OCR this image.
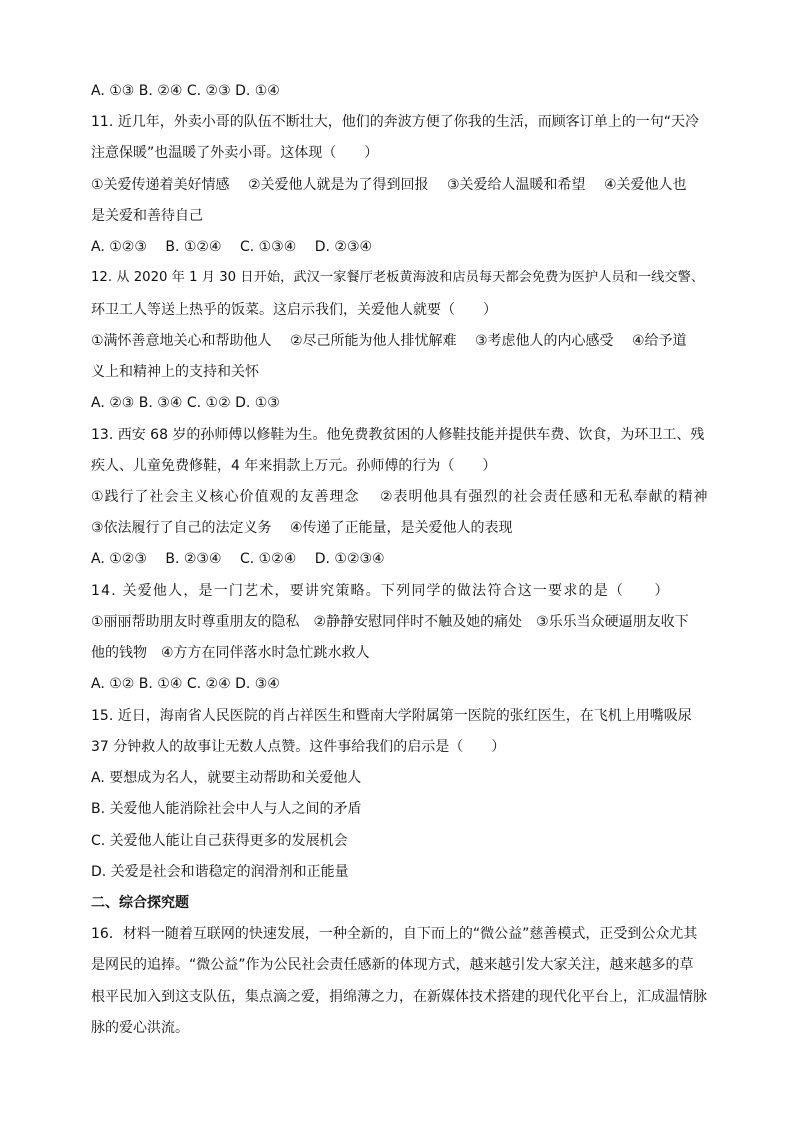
A. ①③ B. ②④ C. ②③ D. ①④
11. 近几年，外卖小哥的队伍不断壮大，他们的奔波方便了你我的生活，而顾客订单上的一句“天冷
注意保暖”也温暖了外卖小哥。这体现（　　）
①关爱传递着美好情感　 ②关爱他人就是为了得到回报　 ③关爱给人温暖和希望　 ④关爱他人也
是关爱和善待自己
A. ①②③　 B. ①②④　 C. ①③④　 D. ②③④
12. 从 2020 年 1 月 30 日开始，武汉一家餐厅老板黄海波和店员每天都会免费为医护人员和一线交警、
环卫工人等送上热乎的饭菜。这启示我们，关爱他人就要（　　）
①满怀善意地关心和帮助他人　 ②尽己所能为他人排忧解难　 ③考虑他人的内心感受　 ④给予道
义上和精神上的支持和关怀
A. ②③ B. ③④ C. ①② D. ①③
13. 西安 68 岁的孙师傅以修鞋为生。他免费教贫困的人修鞋技能并提供车费、饮食，为环卫工、残
疾人、儿童免费修鞋，4 年来捐款上万元。孙师傅的行为（　　）
①践行了社会主义核心价值观的友善理念　 ②表明他具有强烈的社会责任感和无私奉献的精神
③依法履行了自己的法定义务　 ④传递了正能量，是关爱他人的表现
A. ①②③　 B. ②③④　 C. ①②④　 D. ①②③④
14. 关爱他人，是一门艺术，要讲究策略。下列同学的做法符合这一要求的是（　　）
①丽丽帮助朋友时尊重朋友的隐私　②静静安慰同伴时不触及她的痛处　③乐乐当众硬逼朋友收下
他的钱物　④方方在同伴落水时急忙跳水救人
A. ①② B. ①④ C. ②④ D. ③④
15. 近日，海南省人民医院的肖占祥医生和暨南大学附属第一医院的张红医生，在飞机上用嘴吸尿
37 分钟救人的故事让无数人点赞。这件事给我们的启示是（　　）
A. 要想成为名人，就要主动帮助和关爱他人
B. 关爱他人能消除社会中人与人之间的矛盾
C. 关爱他人能让自己获得更多的发展机会
D. 关爱是社会和谐稳定的润滑剂和正能量
二、综合探究题
16．材料一随着互联网的快速发展，一种全新的，自下而上的“微公益”慈善模式，正受到公众尤其
是网民的追捧。“微公益”作为公民社会责任感新的体现方式，越来越引发大家关注，越来越多的草
根平民加入到这支队伍，集点滴之爱，捐绵薄之力，在新媒体技术搭建的现代化平台上，汇成温情脉
脉的爱心洪流。
